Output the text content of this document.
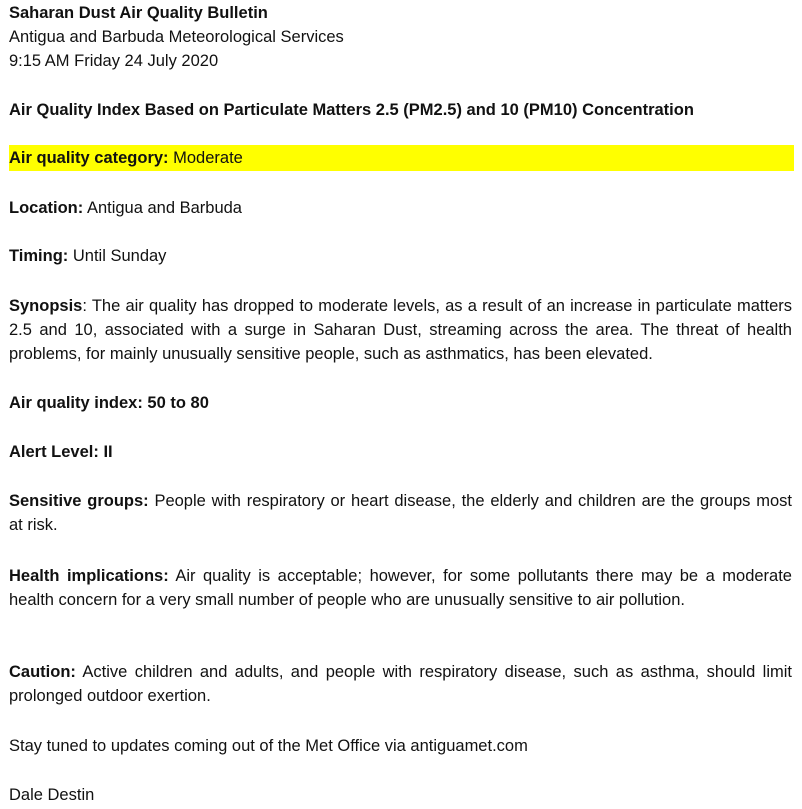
Saharan Dust Air Quality Bulletin
Antigua and Barbuda Meteorological Services
9:15 AM Friday 24 July 2020
Air Quality Index Based on Particulate Matters 2.5 (PM2.5) and 10 (PM10) Concentration
Air quality category: Moderate
Location: Antigua and Barbuda
Timing: Until Sunday
Synopsis: The air quality has dropped to moderate levels, as a result of an increase in particulate matters 2.5 and 10, associated with a surge in Saharan Dust, streaming across the area. The threat of health problems, for mainly unusually sensitive people, such as asthmatics, has been elevated.
Air quality index: 50 to 80
Alert Level: II
Sensitive groups: People with respiratory or heart disease, the elderly and children are the groups most at risk.
Health implications: Air quality is acceptable; however, for some pollutants there may be a moderate health concern for a very small number of people who are unusually sensitive to air pollution.
Caution: Active children and adults, and people with respiratory disease, such as asthma, should limit prolonged outdoor exertion.
Stay tuned to updates coming out of the Met Office via antiguamet.com
Dale Destin
